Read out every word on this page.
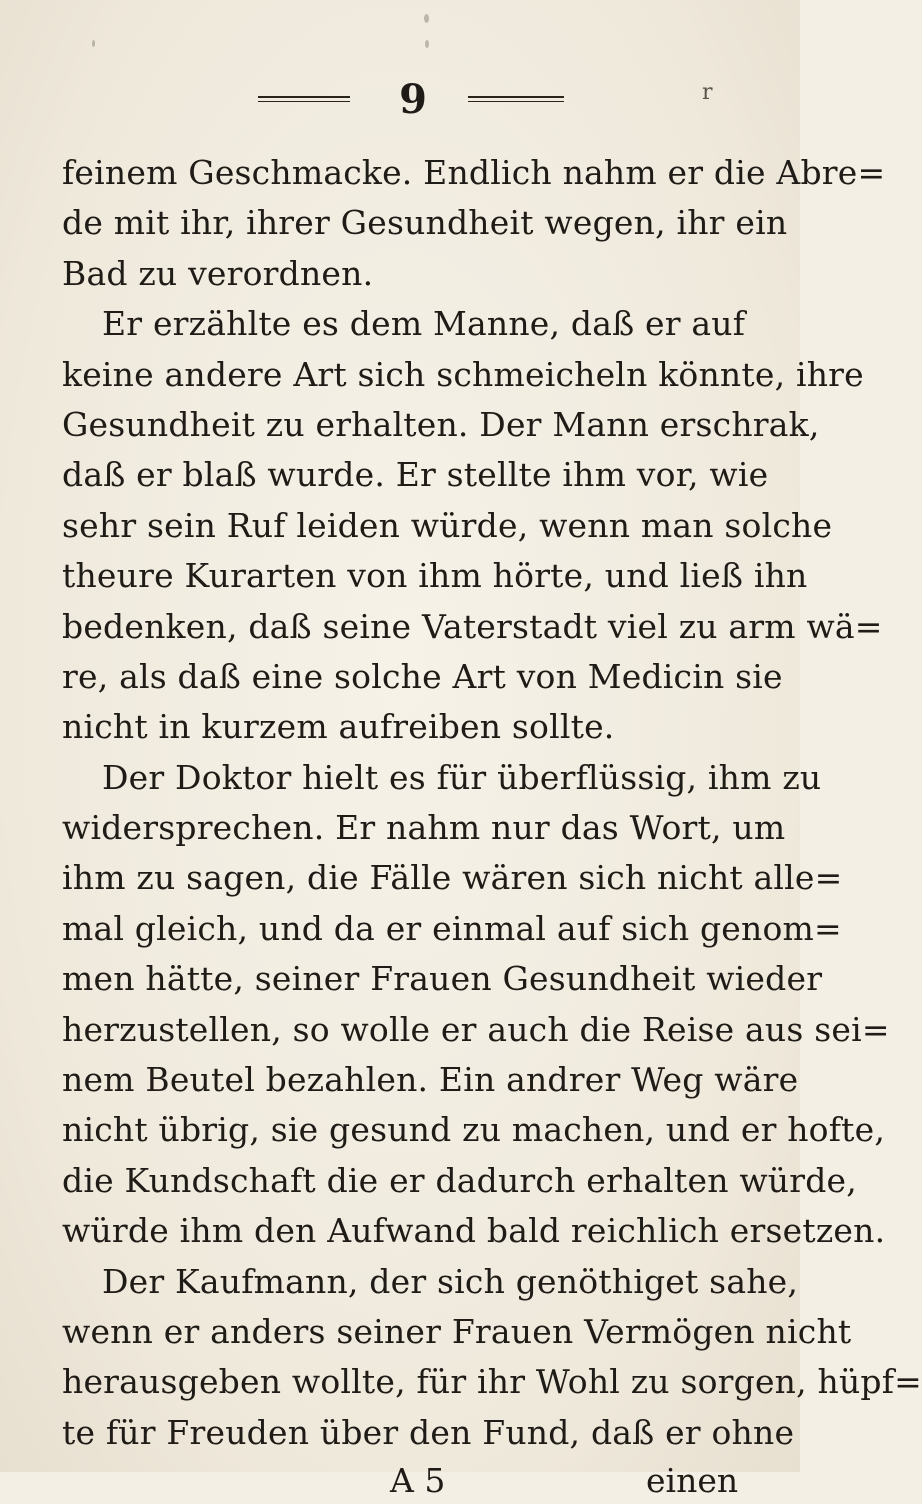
9	r
feinem Geschmacke. Endlich nahm er die Abre=
de mit ihr, ihrer Gesundheit wegen, ihr ein
Bad zu verordnen.
Er erzählte es dem Manne, daß er auf
keine andere Art sich schmeicheln könnte, ihre
Gesundheit zu erhalten. Der Mann erschrak,
daß er blaß wurde. Er stellte ihm vor, wie
sehr sein Ruf leiden würde, wenn man solche
theure Kurarten von ihm hörte, und ließ ihn
bedenken, daß seine Vaterstadt viel zu arm wä=
re, als daß eine solche Art von Medicin sie
nicht in kurzem aufreiben sollte.
Der Doktor hielt es für überflüssig, ihm zu
widersprechen. Er nahm nur das Wort, um
ihm zu sagen, die Fälle wären sich nicht alle=
mal gleich, und da er einmal auf sich genom=
men hätte, seiner Frauen Gesundheit wieder
herzustellen, so wolle er auch die Reise aus sei=
nem Beutel bezahlen. Ein andrer Weg wäre
nicht übrig, sie gesund zu machen, und er hofte,
die Kundschaft die er dadurch erhalten würde,
würde ihm den Aufwand bald reichlich ersetzen.
Der Kaufmann, der sich genöthiget sahe,
wenn er anders seiner Frauen Vermögen nicht
herausgeben wollte, für ihr Wohl zu sorgen, hüpf=
te für Freuden über den Fund, daß er ohne
A 5	einen
